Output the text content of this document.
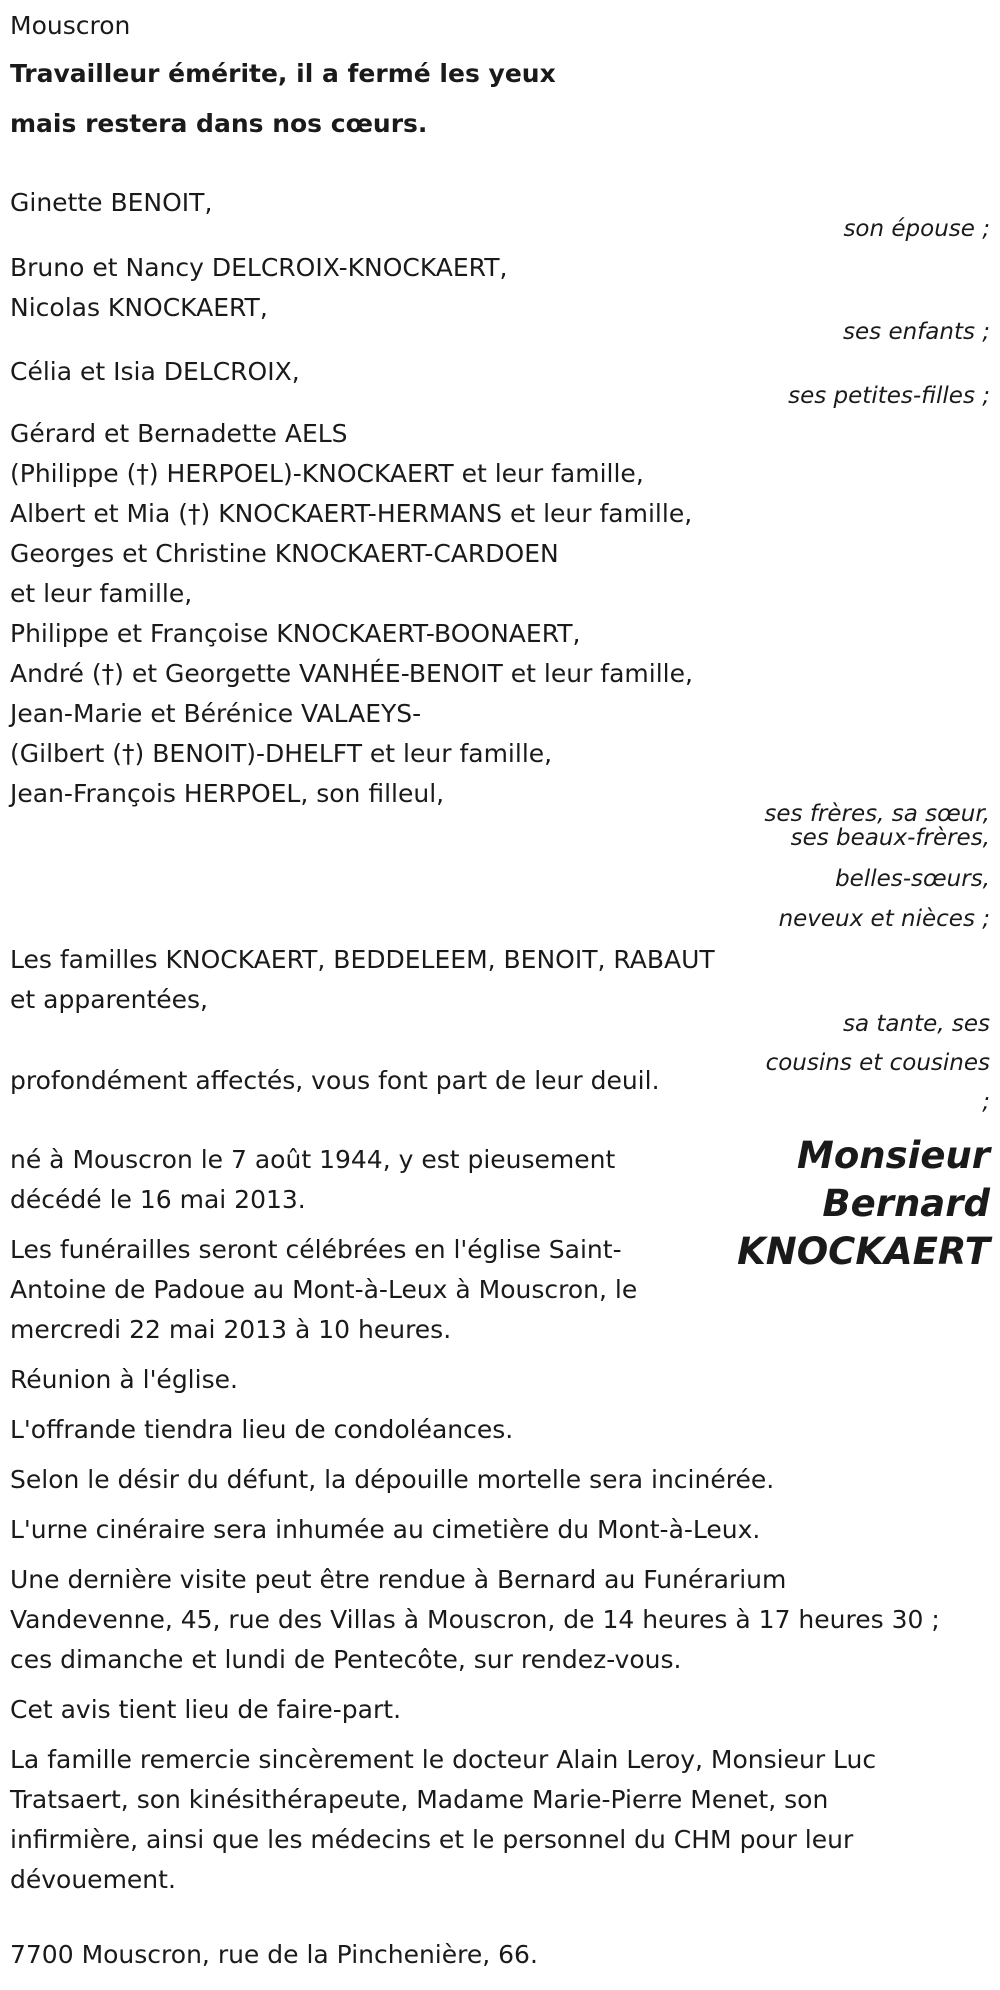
Mouscron

Travailleur émérite, il a fermé les yeux

mais restera dans nos cœurs.

Ginette BENOIT,

son épouse ;

Bruno et Nancy DELCROIX-KNOCKAERT,
Nicolas KNOCKAERT,

ses enfants ;

Célia et Isia DELCROIX,

ses petites-filles ;

Gérard et Bernadette AELS
(Philippe (†) HERPOEL)-KNOCKAERT et leur famille,
Albert et Mia (†) KNOCKAERT-HERMANS et leur famille,
Georges et Christine KNOCKAERT-CARDOEN
et leur famille,
Philippe et Françoise KNOCKAERT-BOONAERT,
André (†) et Georgette VANHÉE-BENOIT et leur famille,
Jean-Marie et Bérénice VALAEYS-
(Gilbert (†) BENOIT)-DHELFT et leur famille,
Jean-François HERPOEL, son filleul,

ses frères, sa sœur,

ses beaux-frères,

belles-sœurs,

neveux et nièces ;

Les familles KNOCKAERT, BEDDELEEM, BENOIT, RABAUT
et apparentées,

sa tante, ses

cousins et cousines

;

profondément affectés, vous font part de leur deuil.

Monsieur

Bernard

KNOCKAERT

né à Mouscron le 7 août 1944, y est pieusement
décédé le 16 mai 2013.
Les funérailles seront célébrées en l'église Saint-
Antoine de Padoue au Mont-à-Leux à Mouscron, le
mercredi 22 mai 2013 à 10 heures.

Réunion à l'église.

L'offrande tiendra lieu de condoléances.

Selon le désir du défunt, la dépouille mortelle sera incinérée.

L'urne cinéraire sera inhumée au cimetière du Mont-à-Leux.

Une dernière visite peut être rendue à Bernard au Funérarium
Vandevenne, 45, rue des Villas à Mouscron, de 14 heures à 17 heures 30 ;
ces dimanche et lundi de Pentecôte, sur rendez-vous.

Cet avis tient lieu de faire-part.

La famille remercie sincèrement le docteur Alain Leroy, Monsieur Luc
Tratsaert, son kinésithérapeute, Madame Marie-Pierre Menet, son
infirmière, ainsi que les médecins et le personnel du CHM pour leur
dévouement.

7700 Mouscron, rue de la Pinchenière, 66.
